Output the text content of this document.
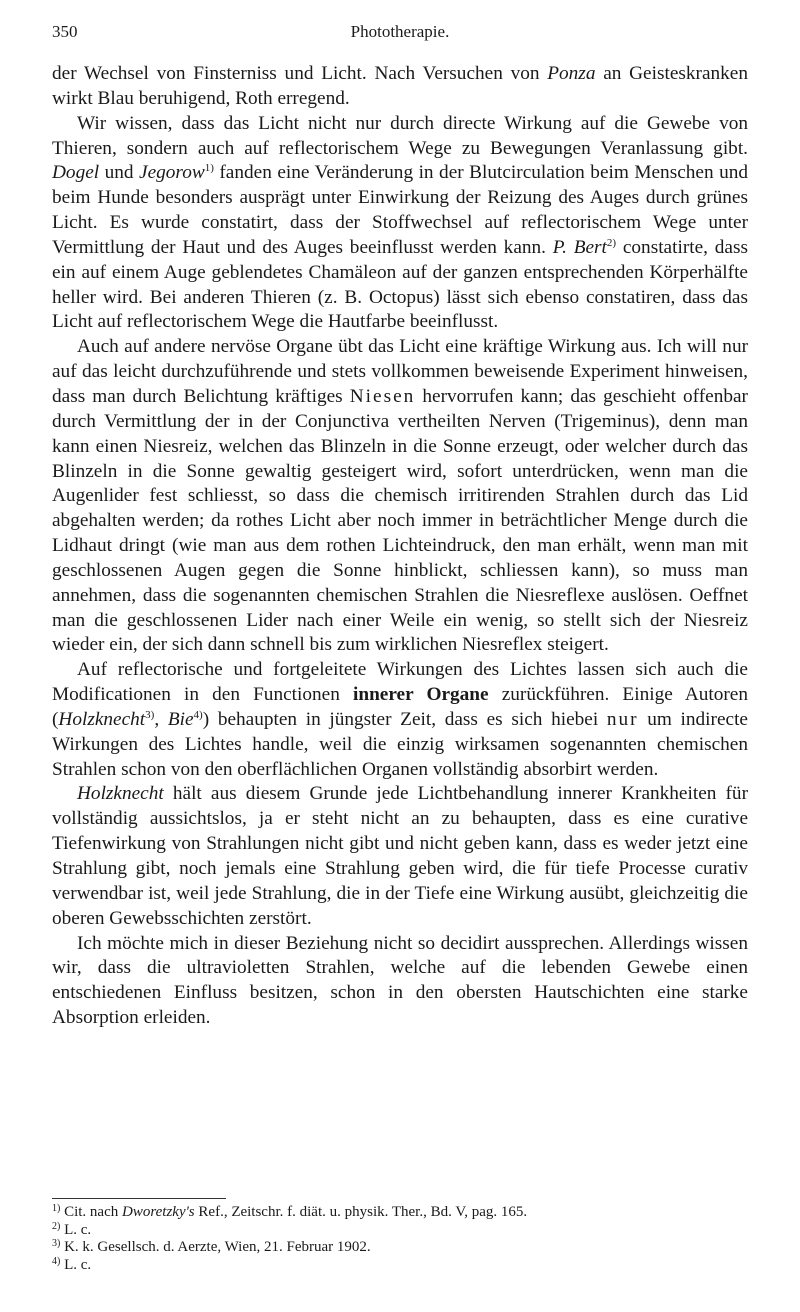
350	Phototherapie.

der Wechsel von Finsterniss und Licht. Nach Versuchen von Ponza an Geisteskranken wirkt Blau beruhigend, Roth erregend.

Wir wissen, dass das Licht nicht nur durch directe Wirkung auf die Gewebe von Thieren, sondern auch auf reflectorischem Wege zu Bewegungen Veranlassung gibt. Dogel und Jegorow$^{1)}$ fanden eine Veränderung in der Blutcirculation beim Menschen und beim Hunde besonders ausprägt unter Einwirkung der Reizung des Auges durch grünes Licht. Es wurde constatirt, dass der Stoffwechsel auf reflectorischem Wege unter Vermittlung der Haut und des Auges beeinflusst werden kann. P. Bert$^{2)}$ constatirte, dass ein auf einem Auge geblendetes Chamäleon auf der ganzen entsprechenden Körperhälfte heller wird. Bei anderen Thieren (z. B. Octopus) lässt sich ebenso constatiren, dass das Licht auf reflectorischem Wege die Hautfarbe beeinflusst.

Auch auf andere nervöse Organe übt das Licht eine kräftige Wirkung aus. Ich will nur auf das leicht durchzuführende und stets vollkommen beweisende Experiment hinweisen, dass man durch Belichtung kräftiges Niesen hervorrufen kann; das geschieht offenbar durch Vermittlung der in der Conjunctiva vertheilten Nerven (Trigeminus), denn man kann einen Niesreiz, welchen das Blinzeln in die Sonne erzeugt, oder welcher durch das Blinzeln in die Sonne gewaltig gesteigert wird, sofort unterdrücken, wenn man die Augenlider fest schliesst, so dass die chemisch irritirenden Strahlen durch das Lid abgehalten werden; da rothes Licht aber noch immer in beträchtlicher Menge durch die Lidhaut dringt (wie man aus dem rothen Lichteindruck, den man erhält, wenn man mit geschlossenen Augen gegen die Sonne hinblickt, schliessen kann), so muss man annehmen, dass die sogenannten chemischen Strahlen die Niesreflexe auslösen. Oeffnet man die geschlossenen Lider nach einer Weile ein wenig, so stellt sich der Niesreiz wieder ein, der sich dann schnell bis zum wirklichen Niesreflex steigert.

Auf reflectorische und fortgeleitete Wirkungen des Lichtes lassen sich auch die Modificationen in den Functionen innerer Organe zurückführen. Einige Autoren (Holzknecht$^{3)}$, Bie$^{4)}$) behaupten in jüngster Zeit, dass es sich hiebei nur um indirecte Wirkungen des Lichtes handle, weil die einzig wirksamen sogenannten chemischen Strahlen schon von den oberflächlichen Organen vollständig absorbirt werden.

Holzknecht hält aus diesem Grunde jede Lichtbehandlung innerer Krankheiten für vollständig aussichtslos, ja er steht nicht an zu behaupten, dass es eine curative Tiefenwirkung von Strahlungen nicht gibt und nicht geben kann, dass es weder jetzt eine Strahlung gibt, noch jemals eine Strahlung geben wird, die für tiefe Processe curativ verwendbar ist, weil jede Strahlung, die in der Tiefe eine Wirkung ausübt, gleichzeitig die oberen Gewebsschichten zerstört.

Ich möchte mich in dieser Beziehung nicht so decidirt aussprechen. Allerdings wissen wir, dass die ultravioletten Strahlen, welche auf die lebenden Gewebe einen entschiedenen Einfluss besitzen, schon in den obersten Hautschichten eine starke Absorption erleiden.

$^{1)}$ Cit. nach Dworetzky's Ref., Zeitschr. f. diät. u. physik. Ther., Bd. V, pag. 165.

$^{2)}$ L. c.

$^{3)}$ K. k. Gesellsch. d. Aerzte, Wien, 21. Februar 1902.

$^{4)}$ L. c.
